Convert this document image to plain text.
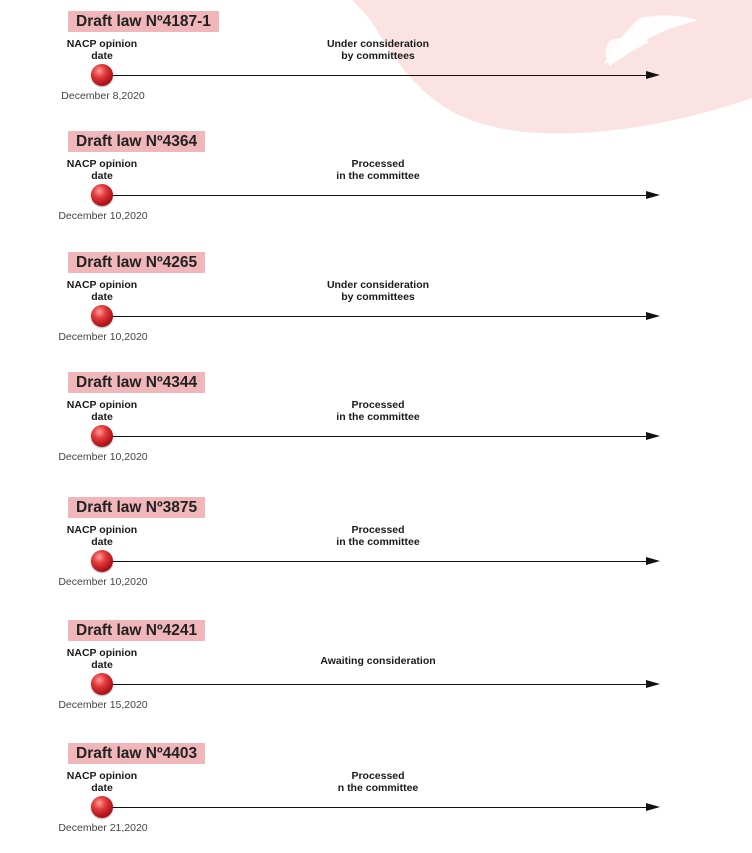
Draft law Nº4187-1
NACP opinion
date
Under consideration
by committees
December 8,2020
Draft law Nº4364
NACP opinion
date
Processed
in the committee
December 10,2020
Draft law Nº4265
NACP opinion
date
Under consideration
by committees
December 10,2020
Draft law Nº4344
NACP opinion
date
Processed
in the committee
December 10,2020
Draft law Nº3875
NACP opinion
date
Processed
in the committee
December 10,2020
Draft law Nº4241
NACP opinion
date	Awaiting consideration
December 15,2020
Draft law Nº4403
NACP opinion
date
Processed
n the committee
December 21,2020
